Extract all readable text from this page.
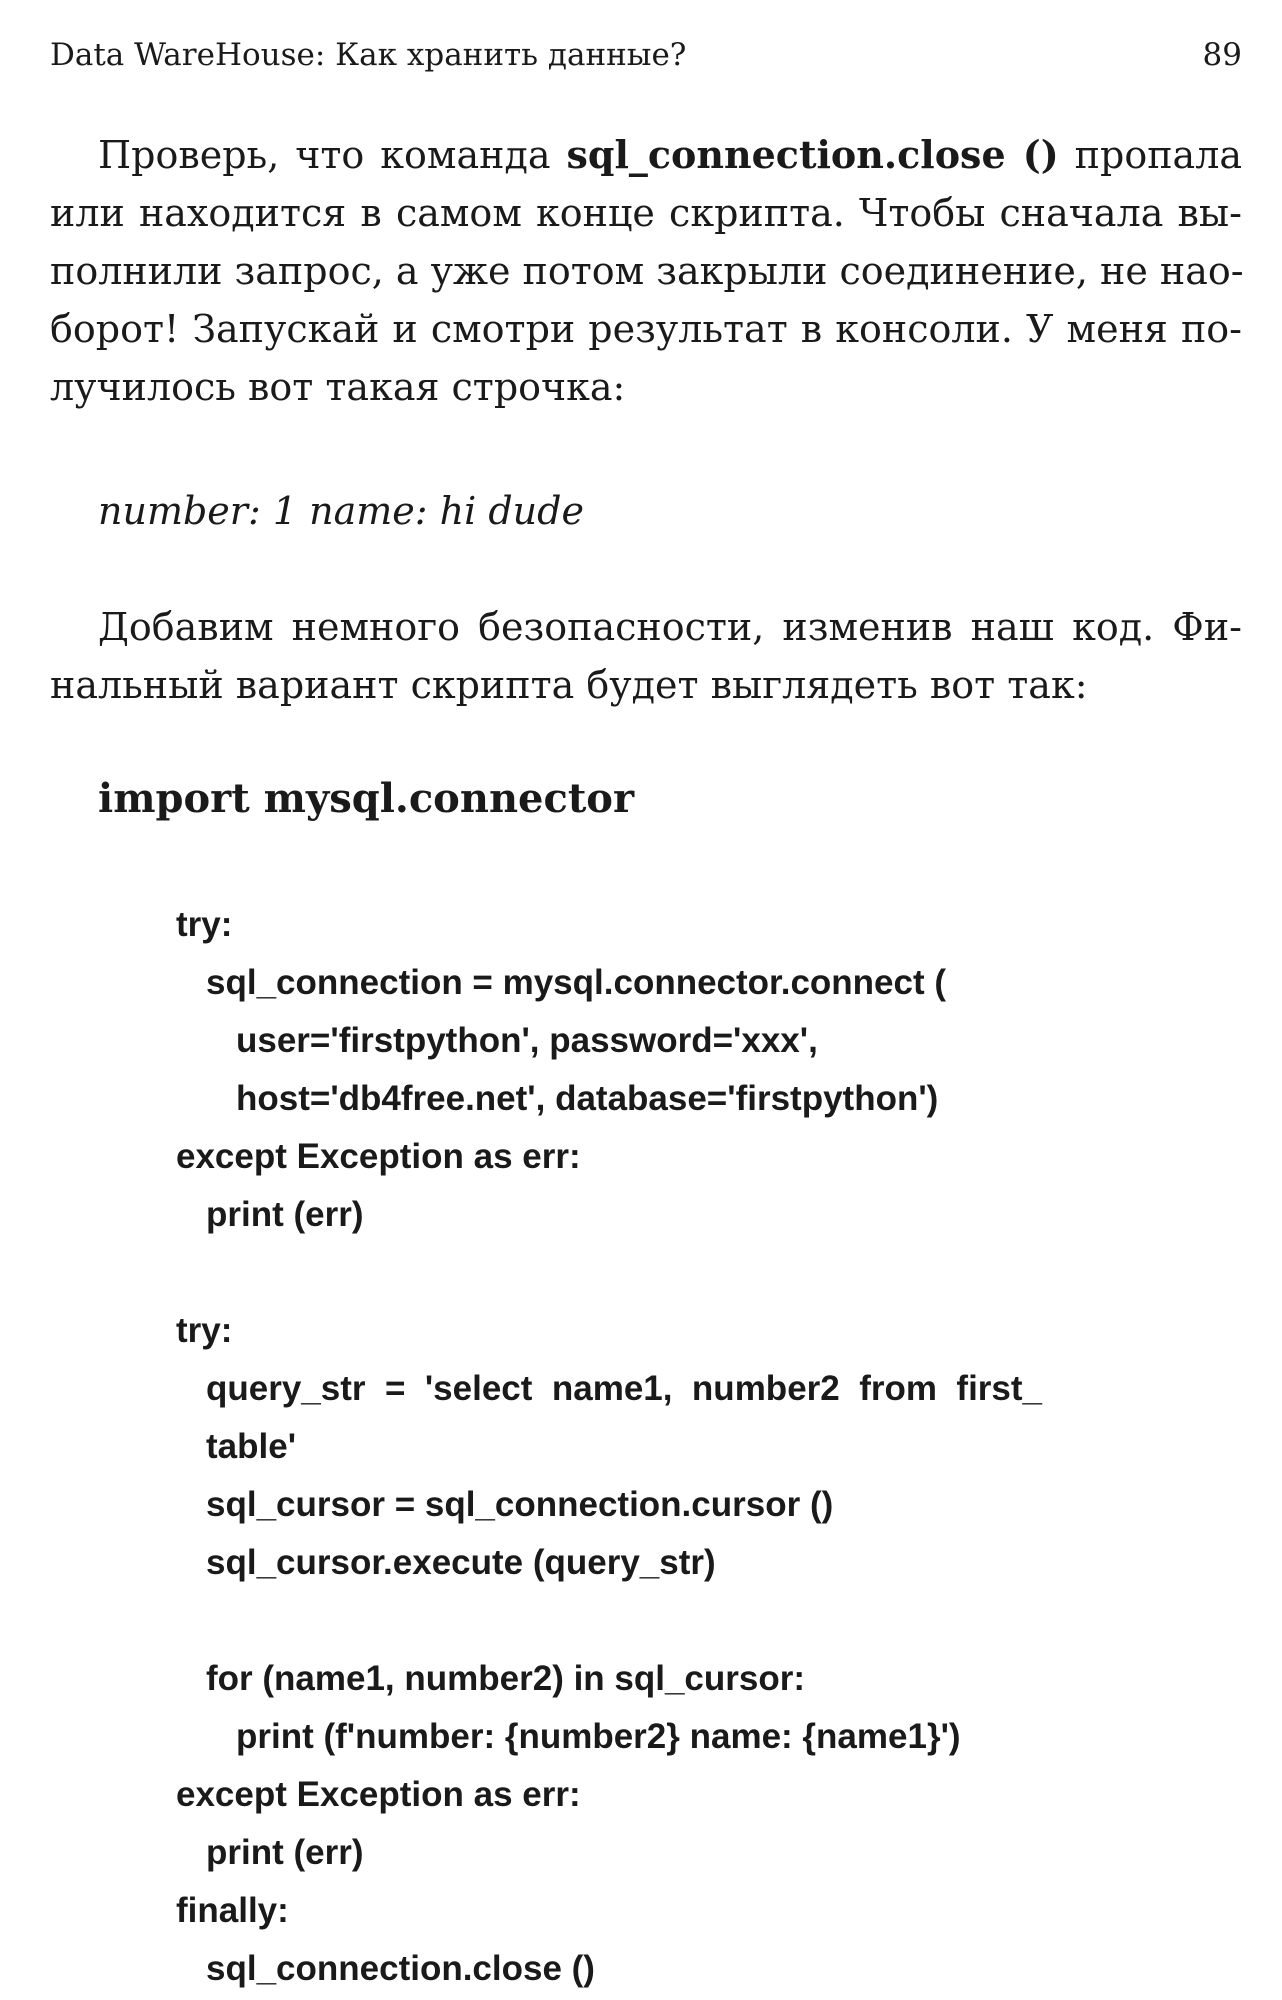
Data WareHouse: Как хранить данные?	89

Проверь, что команда sql_connection.close () пропала
или находится в самом конце скрипта. Чтобы сначала вы-
полнили запрос, а уже потом закрыли соединение, не нао-
борот! Запускай и смотри результат в консоли. У меня по-
лучилось вот такая строчка:

number: 1 name: hi dude

Добавим немного безопасности, изменив наш код. Фи-
нальный вариант скрипта будет выглядеть вот так:

import mysql.connector

try:
sql_connection = mysql.connector.connect (
user='firstpython', password='xxx',
host='db4free.net', database='firstpython')
except Exception as err:
print (err)
try:
query_str  =  'select  name1,  number2  from  first_
table'
sql_cursor = sql_connection.cursor ()
sql_cursor.execute (query_str)
for (name1, number2) in sql_cursor:
print (f'number: {number2} name: {name1}')
except Exception as err:
print (err)
finally:
sql_connection.close ()
